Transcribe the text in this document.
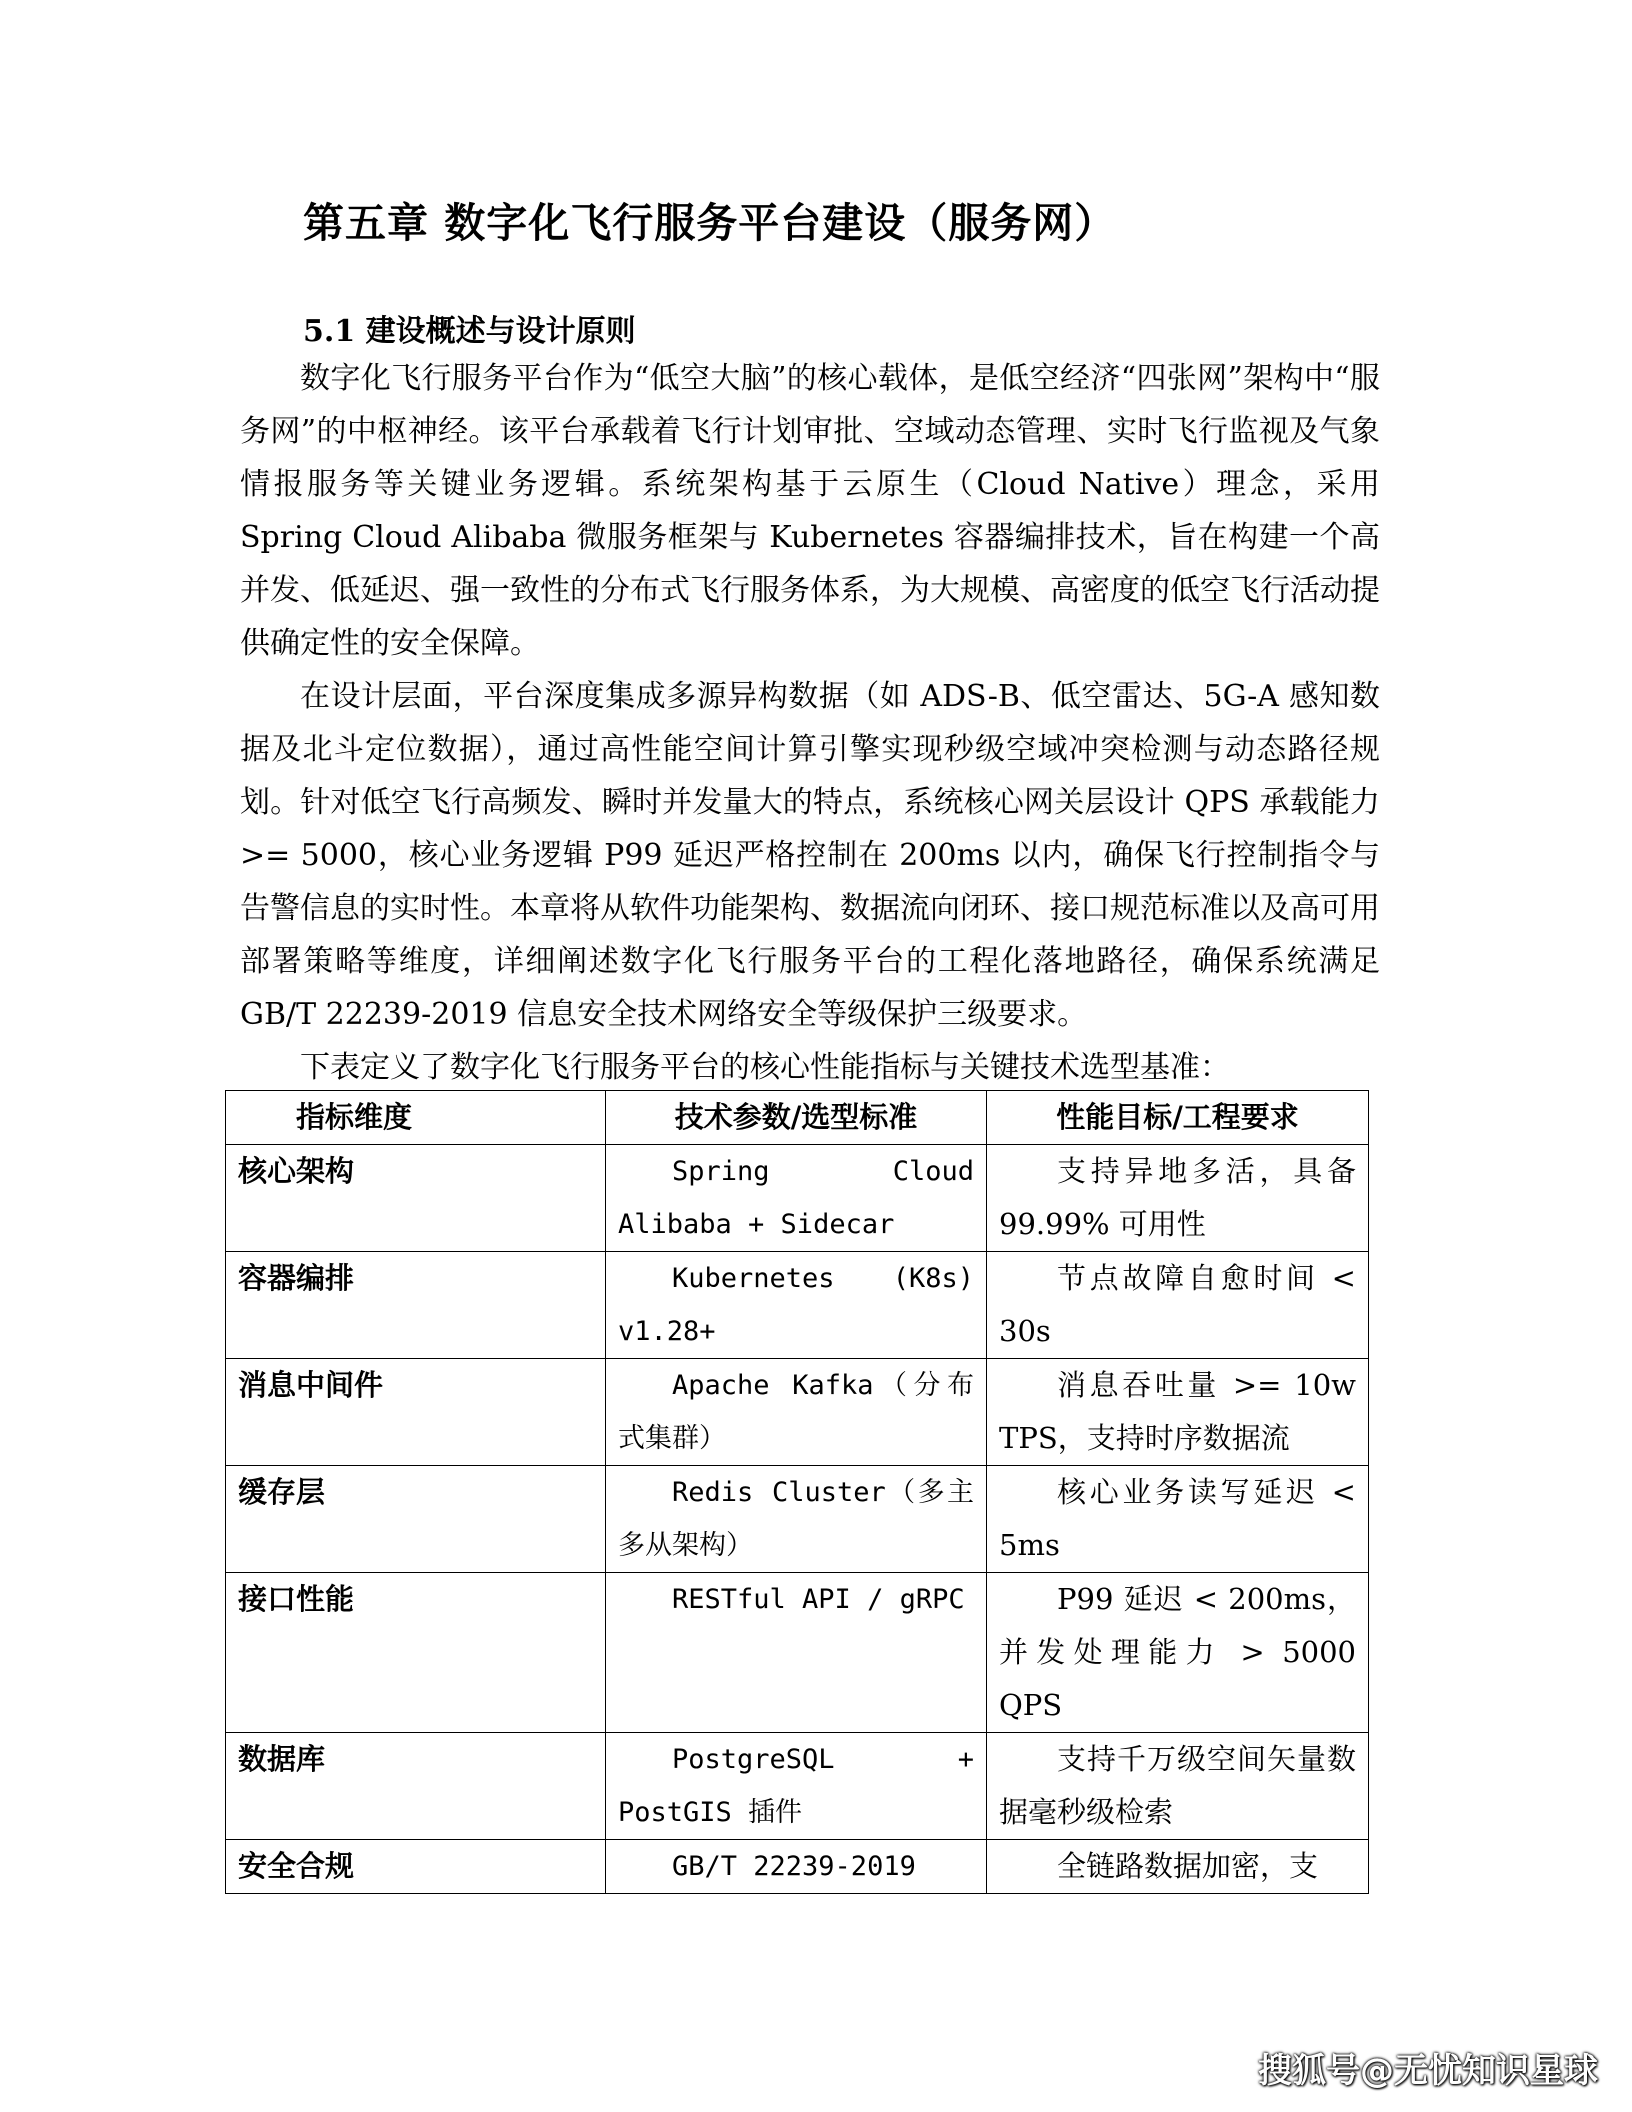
第五章 数字化飞行服务平台建设（服务网）
5.1 建设概述与设计原则

数字化飞行服务平台作为“低空大脑”的核心载体，是低空经济“四张网”架构中“服务网”的中枢神经。该平台承载着飞行计划审批、空域动态管理、实时飞行监视及气象情报服务等关键业务逻辑。系统架构基于云原生（Cloud Native）理念，采用 Spring Cloud Alibaba 微服务框架与 Kubernetes 容器编排技术，旨在构建一个高并发、低延迟、强一致性的分布式飞行服务体系，为大规模、高密度的低空飞行活动提供确定性的安全保障。

在设计层面，平台深度集成多源异构数据（如 ADS-B、低空雷达、5G-A 感知数据及北斗定位数据），通过高性能空间计算引擎实现秒级空域冲突检测与动态路径规划。针对低空飞行高频发、瞬时并发量大的特点，系统核心网关层设计 QPS 承载能力 >= 5000，核心业务逻辑 P99 延迟严格控制在 200ms 以内，确保飞行控制指令与告警信息的实时性。本章将从软件功能架构、数据流向闭环、接口规范标准以及高可用部署策略等维度，详细阐述数字化飞行服务平台的工程化落地路径，确保系统满足 GB/T 22239-2019 信息安全技术网络安全等级保护三级要求。

下表定义了数字化飞行服务平台的核心性能指标与关键技术选型基准：

指标维度	技术参数/选型标准	性能目标/工程要求
核心架构	Spring Cloud Alibaba + Sidecar	支持异地多活，具备 99.99% 可用性
容器编排	Kubernetes (K8s) v1.28+	节点故障自愈时间 < 30s
消息中间件	Apache Kafka（分布式集群）	消息吞吐量 >= 10w TPS，支持时序数据流
缓存层	Redis Cluster（多主多从架构）	核心业务读写延迟 < 5ms
接口性能	RESTful API / gRPC	P99 延迟 < 200ms，并发处理能力 > 5000 QPS
数据库	PostgreSQL + PostGIS 插件	支持千万级空间矢量数据毫秒级检索
安全合规	GB/T 22239-2019	全链路数据加密，支
搜狐号@无忧知识星球
